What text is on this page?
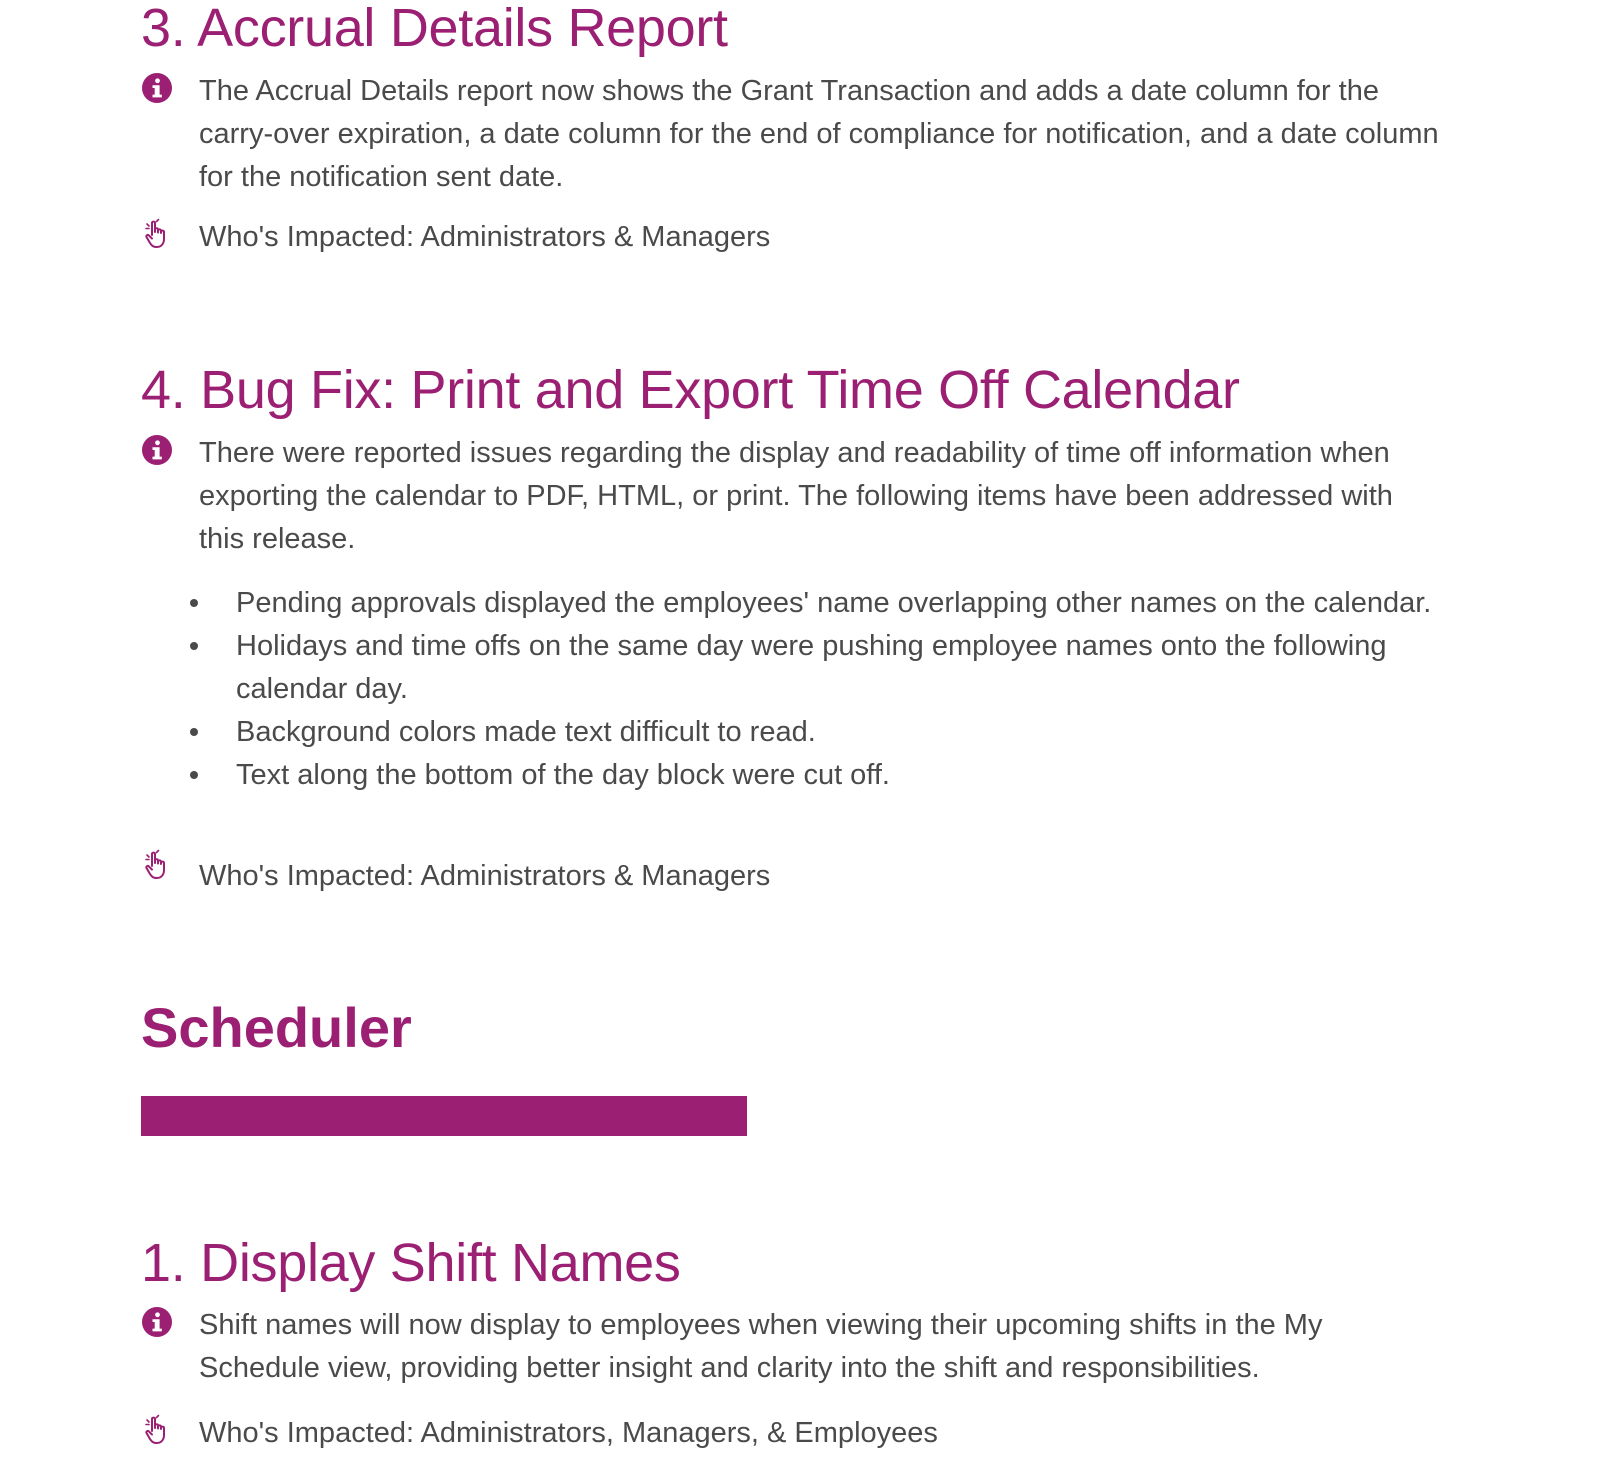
3. Accrual Details Report

The Accrual Details report now shows the Grant Transaction and adds a date column for the carry-over expiration, a date column for the end of compliance for notification, and a date column for the notification sent date.

Who's Impacted: Administrators & Managers

4. Bug Fix: Print and Export Time Off Calendar

There were reported issues regarding the display and readability of time off information when exporting the calendar to PDF, HTML, or print. The following items have been addressed with this release.

Pending approvals displayed the employees' name overlapping other names on the calendar.
Holidays and time offs on the same day were pushing employee names onto the following calendar day.
Background colors made text difficult to read.
Text along the bottom of the day block were cut off.

Who's Impacted: Administrators & Managers

Scheduler
1. Display Shift Names

Shift names will now display to employees when viewing their upcoming shifts in the My Schedule view, providing better insight and clarity into the shift and responsibilities.

Who's Impacted: Administrators, Managers, & Employees
